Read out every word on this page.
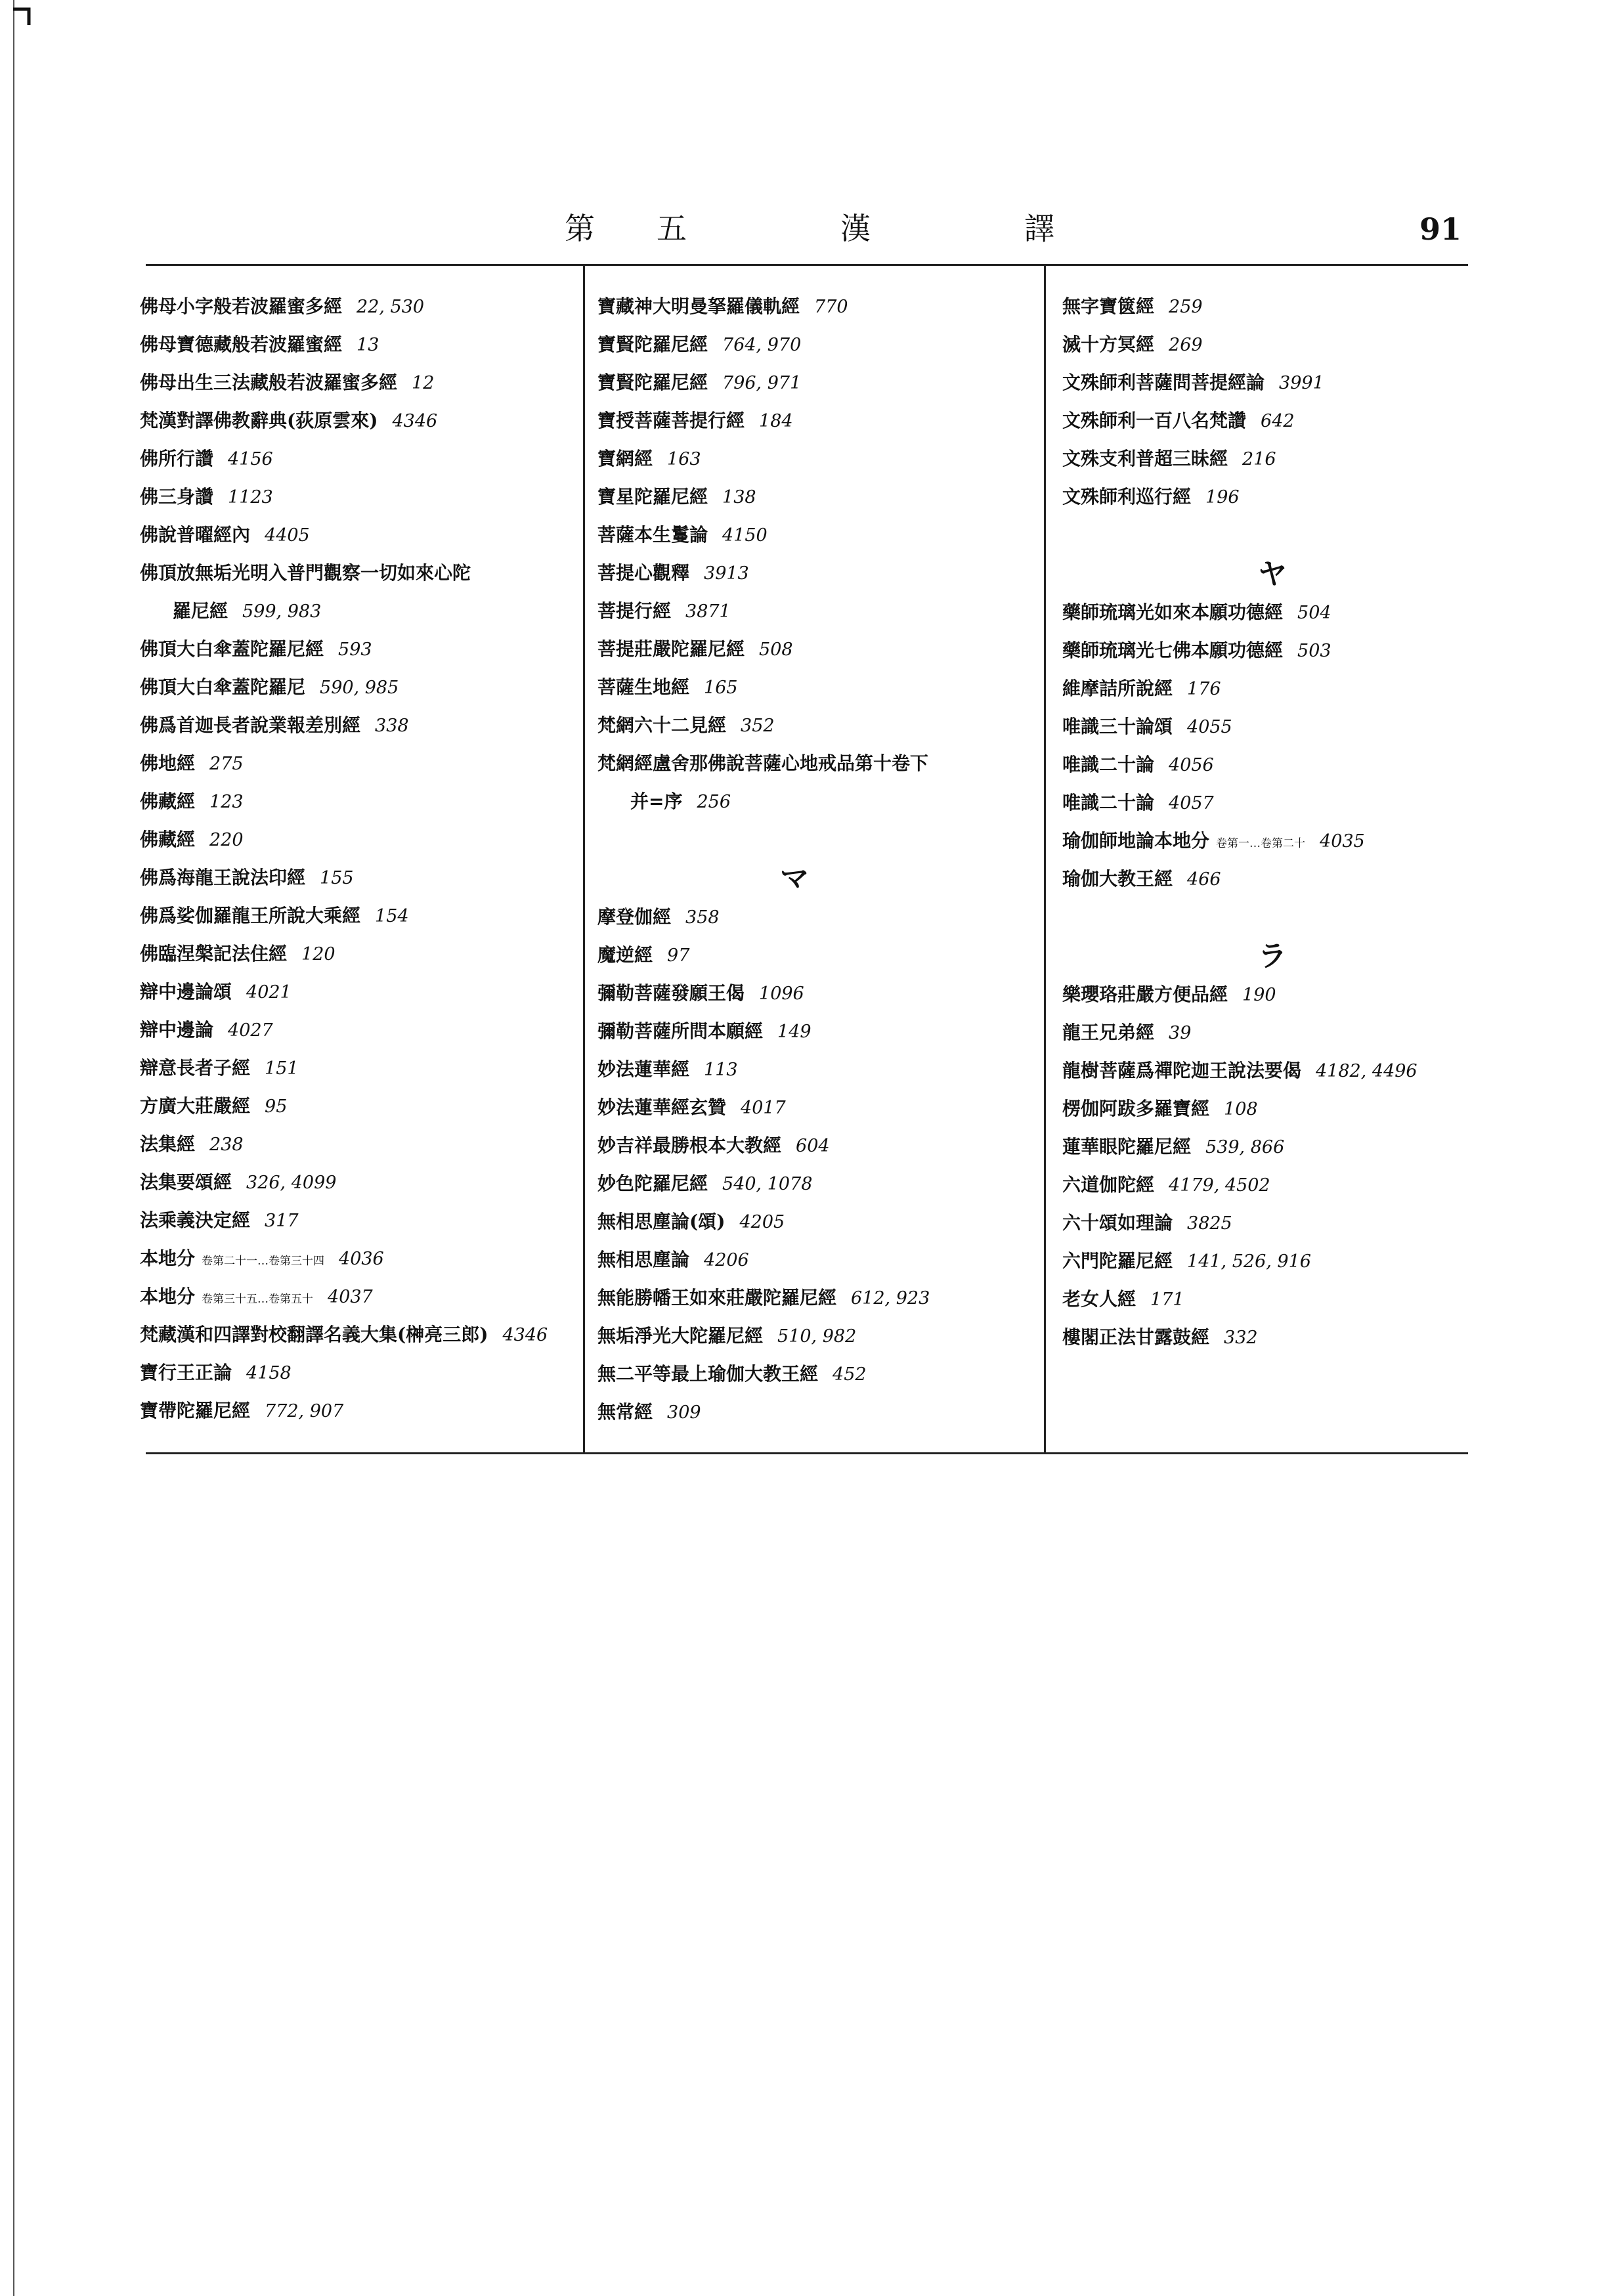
第 五	漢	譯	91
佛母小字般若波羅蜜多經 22, 530
佛母寶德藏般若波羅蜜經 13
佛母出生三法藏般若波羅蜜多經 12
梵漢對譯佛教辭典(荻原雲來) 4346
佛所行讚 4156
佛三身讚 1123
佛說普曜經內 4405
佛頂放無垢光明入普門觀察一切如來心陀
羅尼經 599, 983
佛頂大白傘蓋陀羅尼經 593
佛頂大白傘蓋陀羅尼 590, 985
佛爲首迦長者說業報差別經 338
佛地經 275
佛藏經 123
佛藏經 220
佛爲海龍王說法印經 155
佛爲娑伽羅龍王所說大乘經 154
佛臨涅槃記法住經 120
辯中邊論頌 4021
辯中邊論 4027
辯意長者子經 151
方廣大莊嚴經 95
法集經 238
法集要頌經 326, 4099
法乘義決定經 317
本地分 卷第二十一…卷第三十四 4036
本地分 卷第三十五…卷第五十 4037
梵藏漢和四譯對校翻譯名義大集(榊亮三郎) 4346
寶行王正論 4158
寶帶陀羅尼經 772, 907
寶藏神大明曼拏羅儀軌經 770
寶賢陀羅尼經 764, 970
寶賢陀羅尼經 796, 971
寶授菩薩菩提行經 184
寶網經 163
寶星陀羅尼經 138
菩薩本生鬘論 4150
菩提心觀釋 3913
菩提行經 3871
菩提莊嚴陀羅尼經 508
菩薩生地經 165
梵網六十二見經 352
梵網經盧舍那佛說菩薩心地戒品第十卷下
并=序 256
マ
摩登伽經 358
魔逆經 97
彌勒菩薩發願王偈 1096
彌勒菩薩所問本願經 149
妙法蓮華經 113
妙法蓮華經玄贊 4017
妙吉祥最勝根本大教經 604
妙色陀羅尼經 540, 1078
無相思塵論(頌) 4205
無相思塵論 4206
無能勝幡王如來莊嚴陀羅尼經 612, 923
無垢淨光大陀羅尼經 510, 982
無二平等最上瑜伽大教王經 452
無常經 309
無字寶篋經 259
滅十方冥經 269
文殊師利菩薩問菩提經論 3991
文殊師利一百八名梵讚 642
文殊支利普超三昧經 216
文殊師利巡行經 196
ヤ
藥師琉璃光如來本願功德經 504
藥師琉璃光七佛本願功德經 503
維摩詰所說經 176
唯識三十論頌 4055
唯識二十論 4056
唯識二十論 4057
瑜伽師地論本地分 卷第一…卷第二十 4035
瑜伽大教王經 466
ラ
樂瓔珞莊嚴方便品經 190
龍王兄弟經 39
龍樹菩薩爲禪陀迦王說法要偈 4182, 4496
楞伽阿跋多羅寶經 108
蓮華眼陀羅尼經 539, 866
六道伽陀經 4179, 4502
六十頌如理論 3825
六門陀羅尼經 141, 526, 916
老女人經 171
樓閣正法甘露鼓經 332
